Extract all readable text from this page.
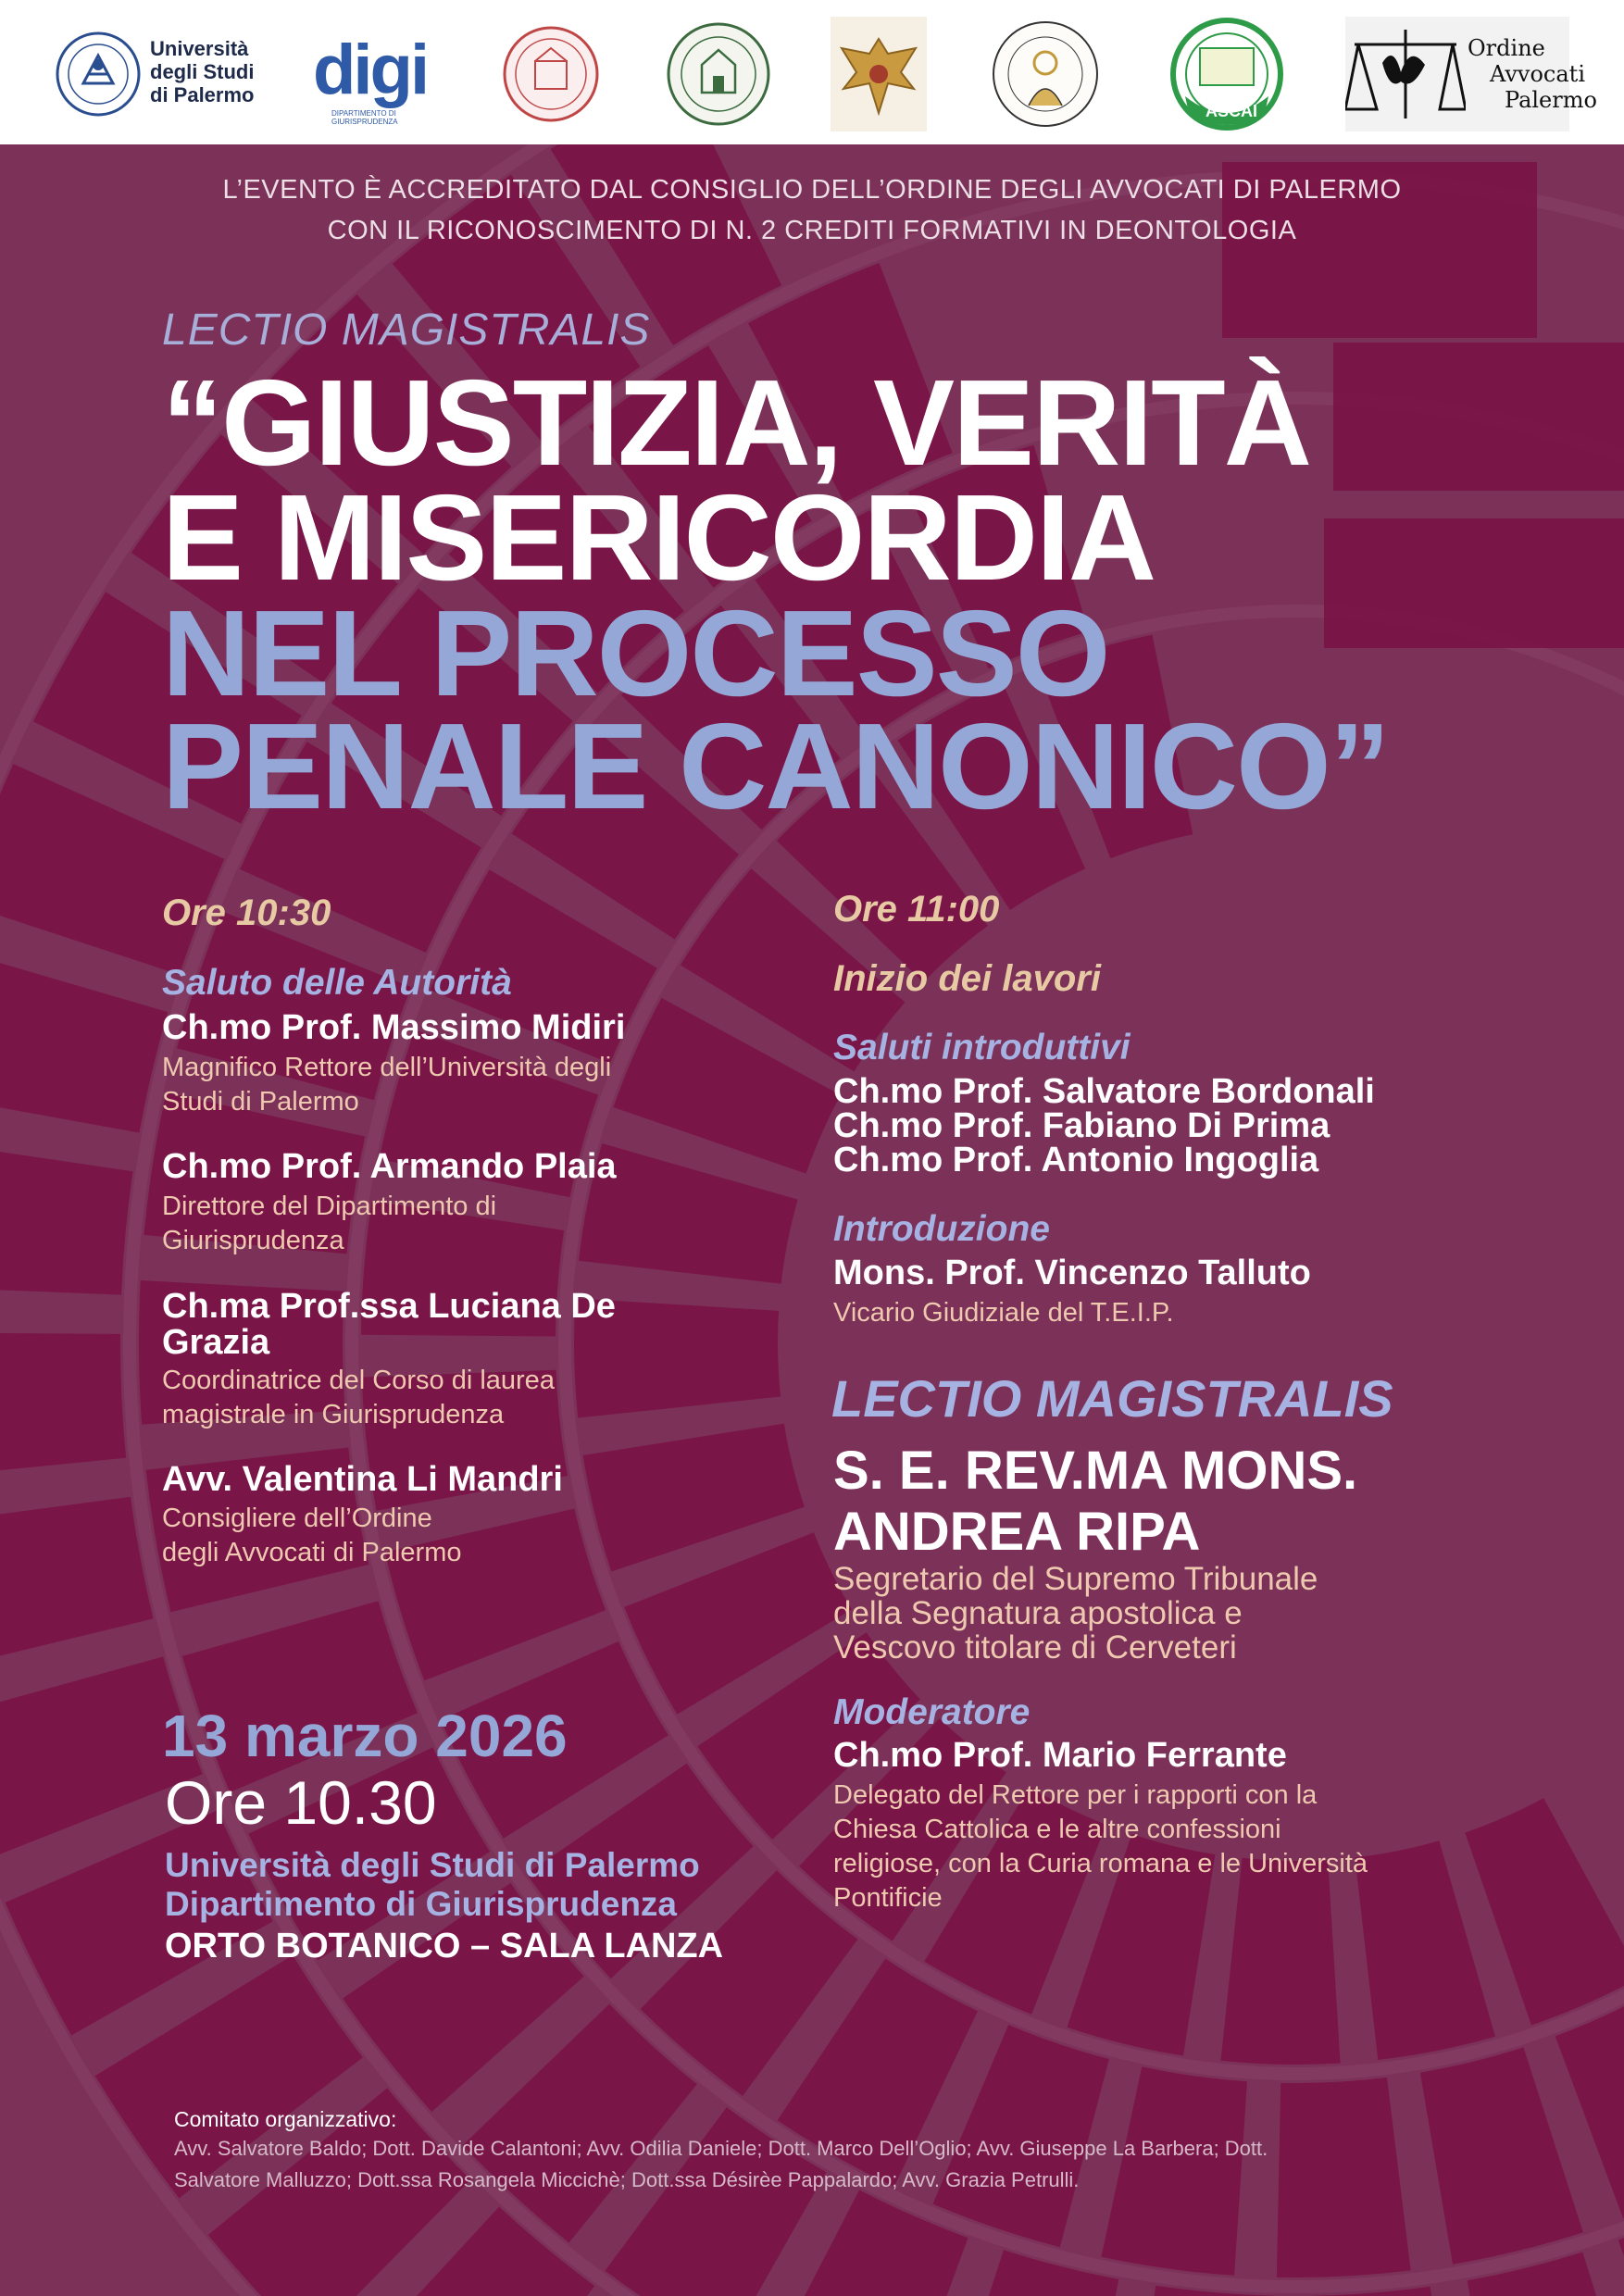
Università
degli Studi
di Palermo digi
DIPARTIMENTO DI GIURISPRUDENZA
ASCAI
Ordine
Avvocati
Palermo

L’EVENTO È ACCREDITATO DAL CONSIGLIO DELL’ORDINE DEGLI AVVOCATI DI PALERMO

CON IL RICONOSCIMENTO DI N. 2 CREDITI FORMATIVI IN DEONTOLOGIA

LECTIO MAGISTRALIS

“GIUSTIZIA, VERITÀ

E MISERICORDIA

NEL PROCESSO

PENALE CANONICO”

Ore 10:30

Saluto delle Autorità

Ch.mo Prof. Massimo Midiri

Magnifico Rettore dell’Università degli
Studi di Palermo

Ch.mo Prof. Armando Plaia

Direttore del Dipartimento di
Giurisprudenza

Ch.ma Prof.ssa Luciana De

Grazia

Coordinatrice del Corso di laurea
magistrale in Giurisprudenza

Avv. Valentina Li Mandri

Consigliere dell’Ordine
degli Avvocati di Palermo

13 marzo 2026

Ore 10.30

Università degli Studi di Palermo

Dipartimento di Giurisprudenza

ORTO BOTANICO – SALA LANZA

Ore 11:00

Inizio dei lavori

Saluti introduttivi

Ch.mo Prof. Salvatore Bordonali

Ch.mo Prof. Fabiano Di Prima

Ch.mo Prof. Antonio Ingoglia

Introduzione

Mons. Prof. Vincenzo Talluto

Vicario Giudiziale del T.E.I.P.

LECTIO MAGISTRALIS

S. E. REV.MA MONS.
ANDREA RIPA

Segretario del Supremo Tribunale
della Segnatura apostolica e
Vescovo titolare di Cerveteri

Moderatore

Ch.mo Prof. Mario Ferrante

Delegato del Rettore per i rapporti con la
Chiesa Cattolica e le altre confessioni
religiose, con la Curia romana e le Università
Pontificie

Comitato organizzativo:

Avv. Salvatore Baldo; Dott. Davide Calantoni; Avv. Odilia Daniele; Dott. Marco Dell’Oglio; Avv. Giuseppe La Barbera; Dott.

Salvatore Malluzzo; Dott.ssa Rosangela Miccichè; Dott.ssa Désirèe Pappalardo; Avv. Grazia Petrulli.
